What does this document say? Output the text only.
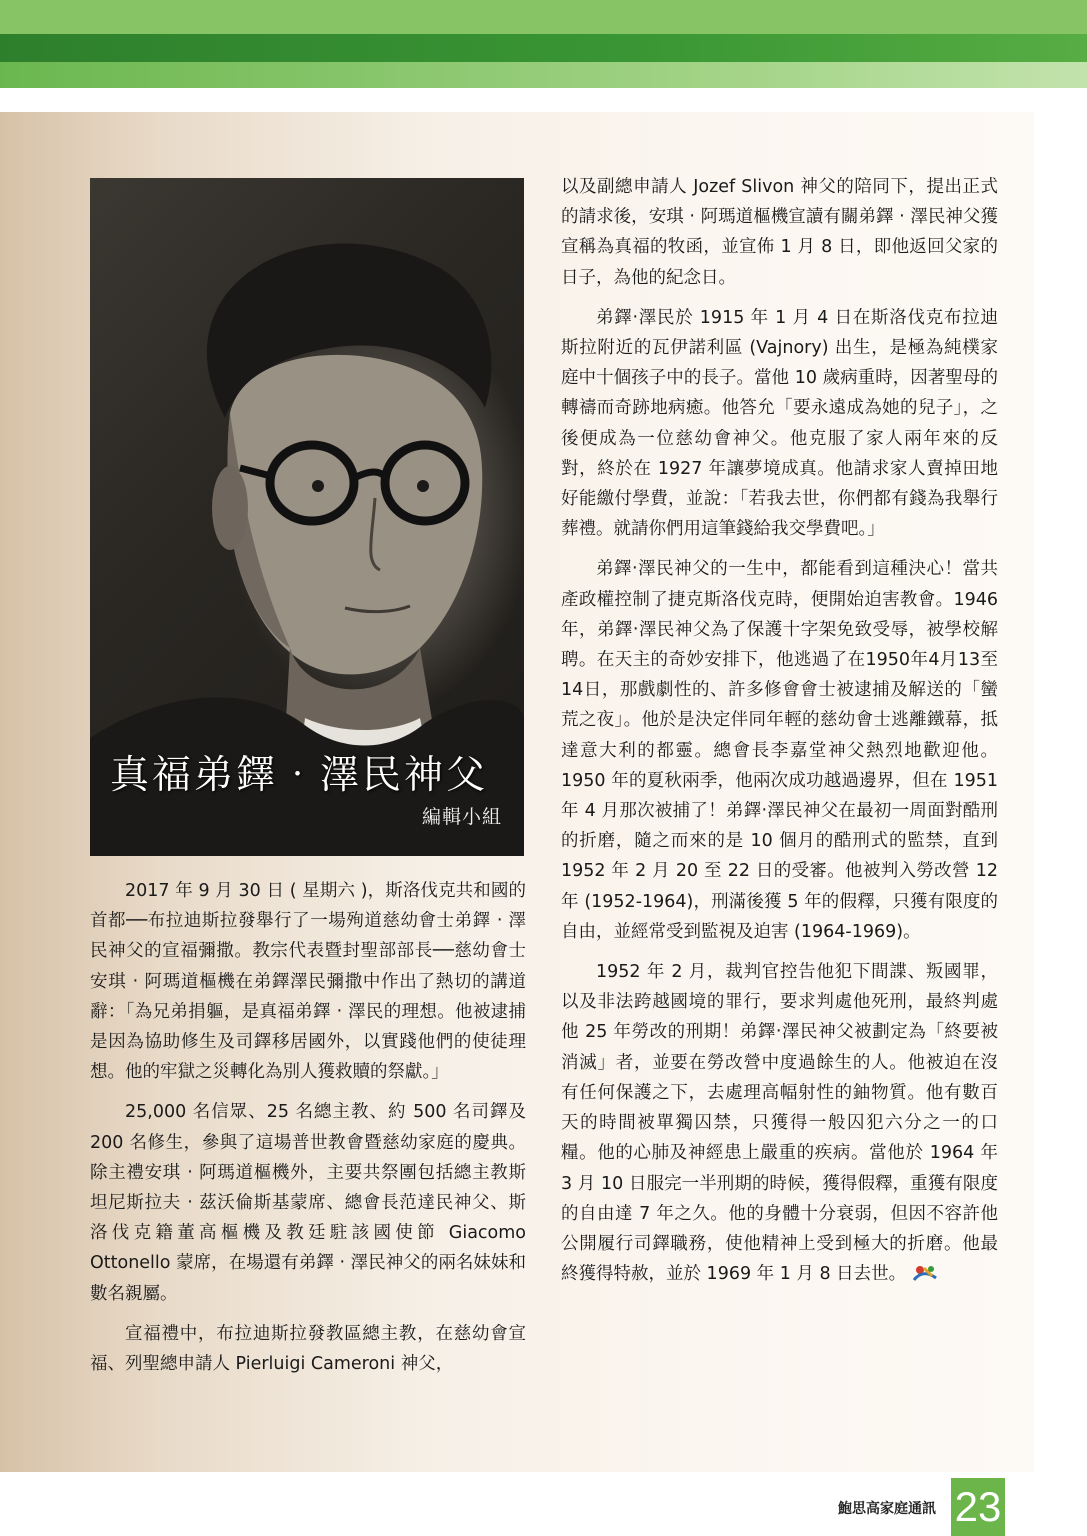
真福弟鐸‧澤民神父
編輯小組

2017 年 9 月 30 日 ( 星期六 )，斯洛伐克共和國的首都──布拉迪斯拉發舉行了一場殉道慈幼會士弟鐸 ‧ 澤民神父的宣福彌撒。教宗代表暨封聖部部長──慈幼會士安琪 ‧ 阿瑪道樞機在弟鐸澤民彌撒中作出了熱切的講道辭：「為兄弟捐軀，是真福弟鐸 ‧ 澤民的理想。他被逮捕是因為協助修生及司鐸移居國外，以實踐他們的使徒理想。他的牢獄之災轉化為別人獲救贖的祭獻。」

25,000 名信眾、25 名總主教、約 500 名司鐸及 200 名修生，參與了這場普世教會暨慈幼家庭的慶典。除主禮安琪 ‧ 阿瑪道樞機外，主要共祭團包括總主教斯坦尼斯拉夫 ‧ 茲沃倫斯基蒙席、總會長范達民神父、斯洛伐克籍董高樞機及教廷駐該國使節 Giacomo Ottonello 蒙席，在場還有弟鐸 ‧ 澤民神父的兩名妹妹和數名親屬。

宣福禮中，布拉迪斯拉發教區總主教，在慈幼會宣福、列聖總申請人 Pierluigi Cameroni 神父，

以及副總申請人 Jozef Slivon 神父的陪同下，提出正式的請求後，安琪 ‧ 阿瑪道樞機宣讀有關弟鐸 ‧ 澤民神父獲宣稱為真福的牧函，並宣佈 1 月 8 日，即他返回父家的日子，為他的紀念日。

弟鐸‧澤民於 1915 年 1 月 4 日在斯洛伐克布拉迪斯拉附近的瓦伊諾利區 (Vajnory) 出生，是極為純樸家庭中十個孩子中的長子。當他 10 歲病重時，因著聖母的轉禱而奇跡地病癒。他答允「要永遠成為她的兒子」，之後便成為一位慈幼會神父。他克服了家人兩年來的反對，終於在 1927 年讓夢境成真。他請求家人賣掉田地好能繳付學費，並說：「若我去世，你們都有錢為我舉行葬禮。就請你們用這筆錢給我交學費吧。」

弟鐸‧澤民神父的一生中，都能看到這種決心！當共產政權控制了捷克斯洛伐克時，便開始迫害教會。1946 年，弟鐸‧澤民神父為了保護十字架免致受辱，被學校解聘。在天主的奇妙安排下，他逃過了在1950年4月13至14日，那戲劇性的、許多修會會士被逮捕及解送的「蠻荒之夜」。他於是決定伴同年輕的慈幼會士逃離鐵幕，抵達意大利的都靈。總會長李嘉堂神父熱烈地歡迎他。1950 年的夏秋兩季，他兩次成功越過邊界，但在 1951 年 4 月那次被捕了！弟鐸‧澤民神父在最初一周面對酷刑的折磨，隨之而來的是 10 個月的酷刑式的監禁，直到 1952 年 2 月 20 至 22 日的受審。他被判入勞改營 12 年 (1952-1964)，刑滿後獲 5 年的假釋，只獲有限度的自由，並經常受到監視及迫害 (1964-1969)。

1952 年 2 月，裁判官控告他犯下間諜、叛國罪，以及非法跨越國境的罪行，要求判處他死刑，最終判處他 25 年勞改的刑期！弟鐸‧澤民神父被劃定為「終要被消滅」者，並要在勞改營中度過餘生的人。他被迫在沒有任何保護之下，去處理高幅射性的鈾物質。他有數百天的時間被單獨囚禁，只獲得一般囚犯六分之一的口糧。他的心肺及神經患上嚴重的疾病。當他於 1964 年 3 月 10 日服完一半刑期的時候，獲得假釋，重獲有限度的自由達 7 年之久。他的身體十分衰弱，但因不容許他公開履行司鐸職務，使他精神上受到極大的折磨。他最終獲得特赦，並於 1969 年 1 月 8 日去世。

鮑思高家庭通訊 23
